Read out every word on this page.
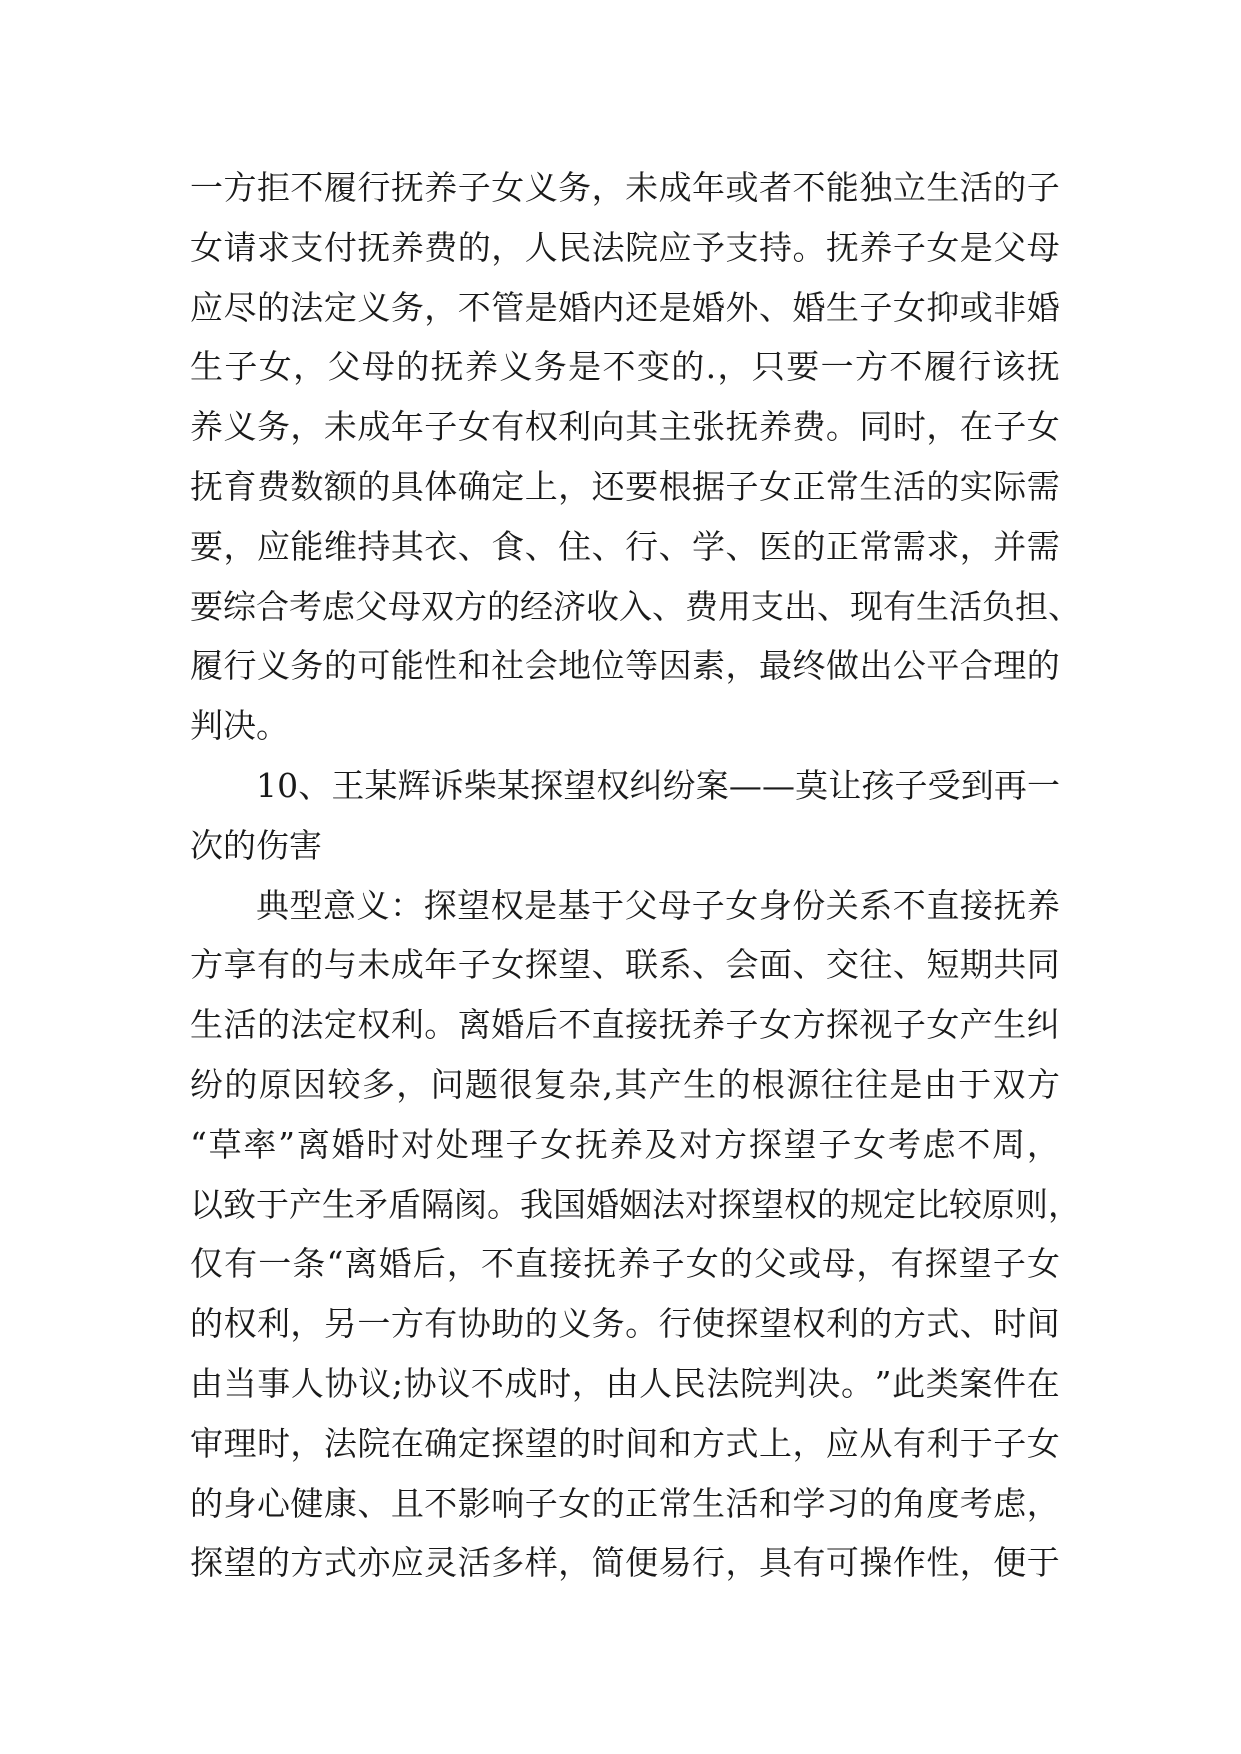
一 方 拒 不 履 行 抚 养 子 女 义 务 ， 未 成 年 或 者 不 能 独 立 生 活 的 子
女 请 求 支 付 抚 养 费 的 ， 人 民 法 院 应 予 支 持 。 抚 养 子 女 是 父 母
应 尽 的 法 定 义 务 ， 不 管 是 婚 内 还 是 婚 外 、 婚 生 子 女 抑 或 非 婚
生 子 女 ， 父 母 的 抚 养 义 务 是 不 变 的 . ， 只 要 一 方 不 履 行 该 抚
养 义 务 ， 未 成 年 子 女 有 权 利 向 其 主 张 抚 养 费 。 同 时 ， 在 子 女
抚 育 费 数 额 的 具 体 确 定 上 ， 还 要 根 据 子 女 正 常 生 活 的 实 际 需
要 ， 应 能 维 持 其 衣 、 食 、 住 、 行 、 学 、 医 的 正 常 需 求 ， 并 需
要 综 合 考 虑 父 母 双 方 的 经 济 收 入 、 费 用 支 出 、 现 有 生 活 负 担 、
履 行 义 务 的 可 能 性 和 社 会 地 位 等 因 素 ， 最 终 做 出 公 平 合 理 的
判 决 。
1 0 、 王 某 辉 诉 柴 某 探 望 权 纠 纷 案 — — 莫 让 孩 子 受 到 再 一
次 的 伤 害
典 型 意 义 ： 探 望 权 是 基 于 父 母 子 女 身 份 关 系 不 直 接 抚 养
方 享 有 的 与 未 成 年 子 女 探 望 、 联 系 、 会 面 、 交 往 、 短 期 共 同
生 活 的 法 定 权 利 。 离 婚 后 不 直 接 抚 养 子 女 方 探 视 子 女 产 生 纠
纷 的 原 因 较 多 ， 问 题 很 复 杂 , 其 产 生 的 根 源 往 往 是 由 于 双 方
“ 草 率 ” 离 婚 时 对 处 理 子 女 抚 养 及 对 方 探 望 子 女 考 虑 不 周 ，
以 致 于 产 生 矛 盾 隔 阂 。 我 国 婚 姻 法 对 探 望 权 的 规 定 比 较 原 则 ，
仅 有 一 条 “ 离 婚 后 ， 不 直 接 抚 养 子 女 的 父 或 母 ， 有 探 望 子 女
的 权 利 ， 另 一 方 有 协 助 的 义 务 。 行 使 探 望 权 利 的 方 式 、 时 间
由 当 事 人 协 议 ; 协 议 不 成 时 ， 由 人 民 法 院 判 决 。 ” 此 类 案 件 在
审 理 时 ， 法 院 在 确 定 探 望 的 时 间 和 方 式 上 ， 应 从 有 利 于 子 女
的 身 心 健 康 、 且 不 影 响 子 女 的 正 常 生 活 和 学 习 的 角 度 考 虑 ，
探 望 的 方 式 亦 应 灵 活 多 样 ， 简 便 易 行 ， 具 有 可 操 作 性 ， 便 于
